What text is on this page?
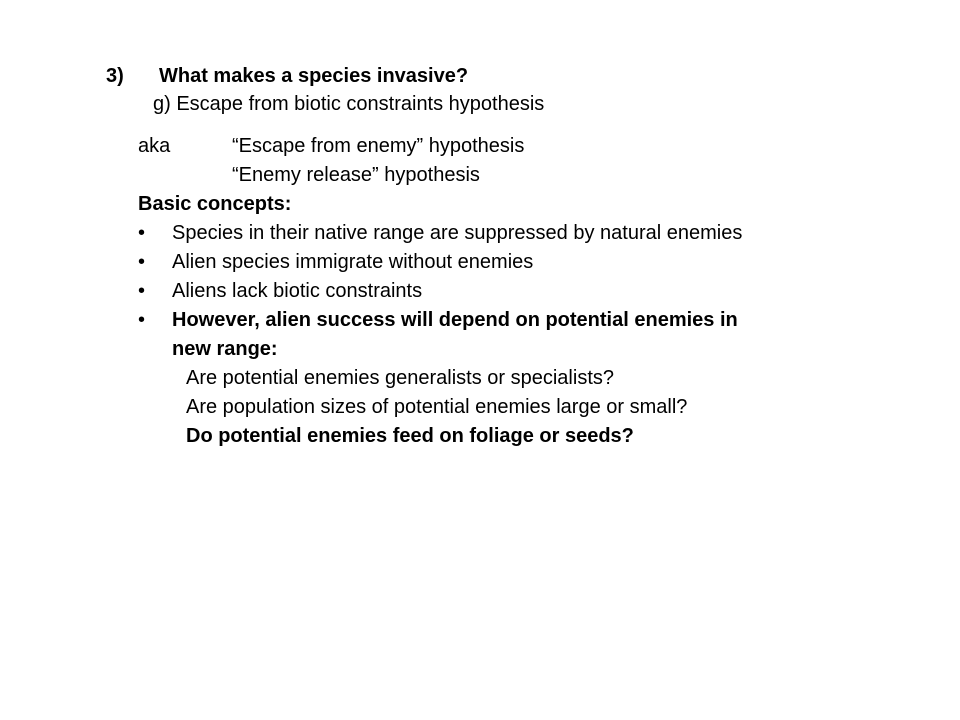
3) What makes a species invasive?
g) Escape from biotic constraints hypothesis
aka	“Escape from enemy” hypothesis
“Enemy release” hypothesis
Basic concepts:
•	Species in their native range are suppressed by natural enemies
•	Alien species immigrate without enemies
•	Aliens lack biotic constraints
•	However, alien success will depend on potential enemies in
new range:
Are potential enemies generalists or specialists?
Are population sizes of potential enemies large or small?
Do potential enemies feed on foliage or seeds?
